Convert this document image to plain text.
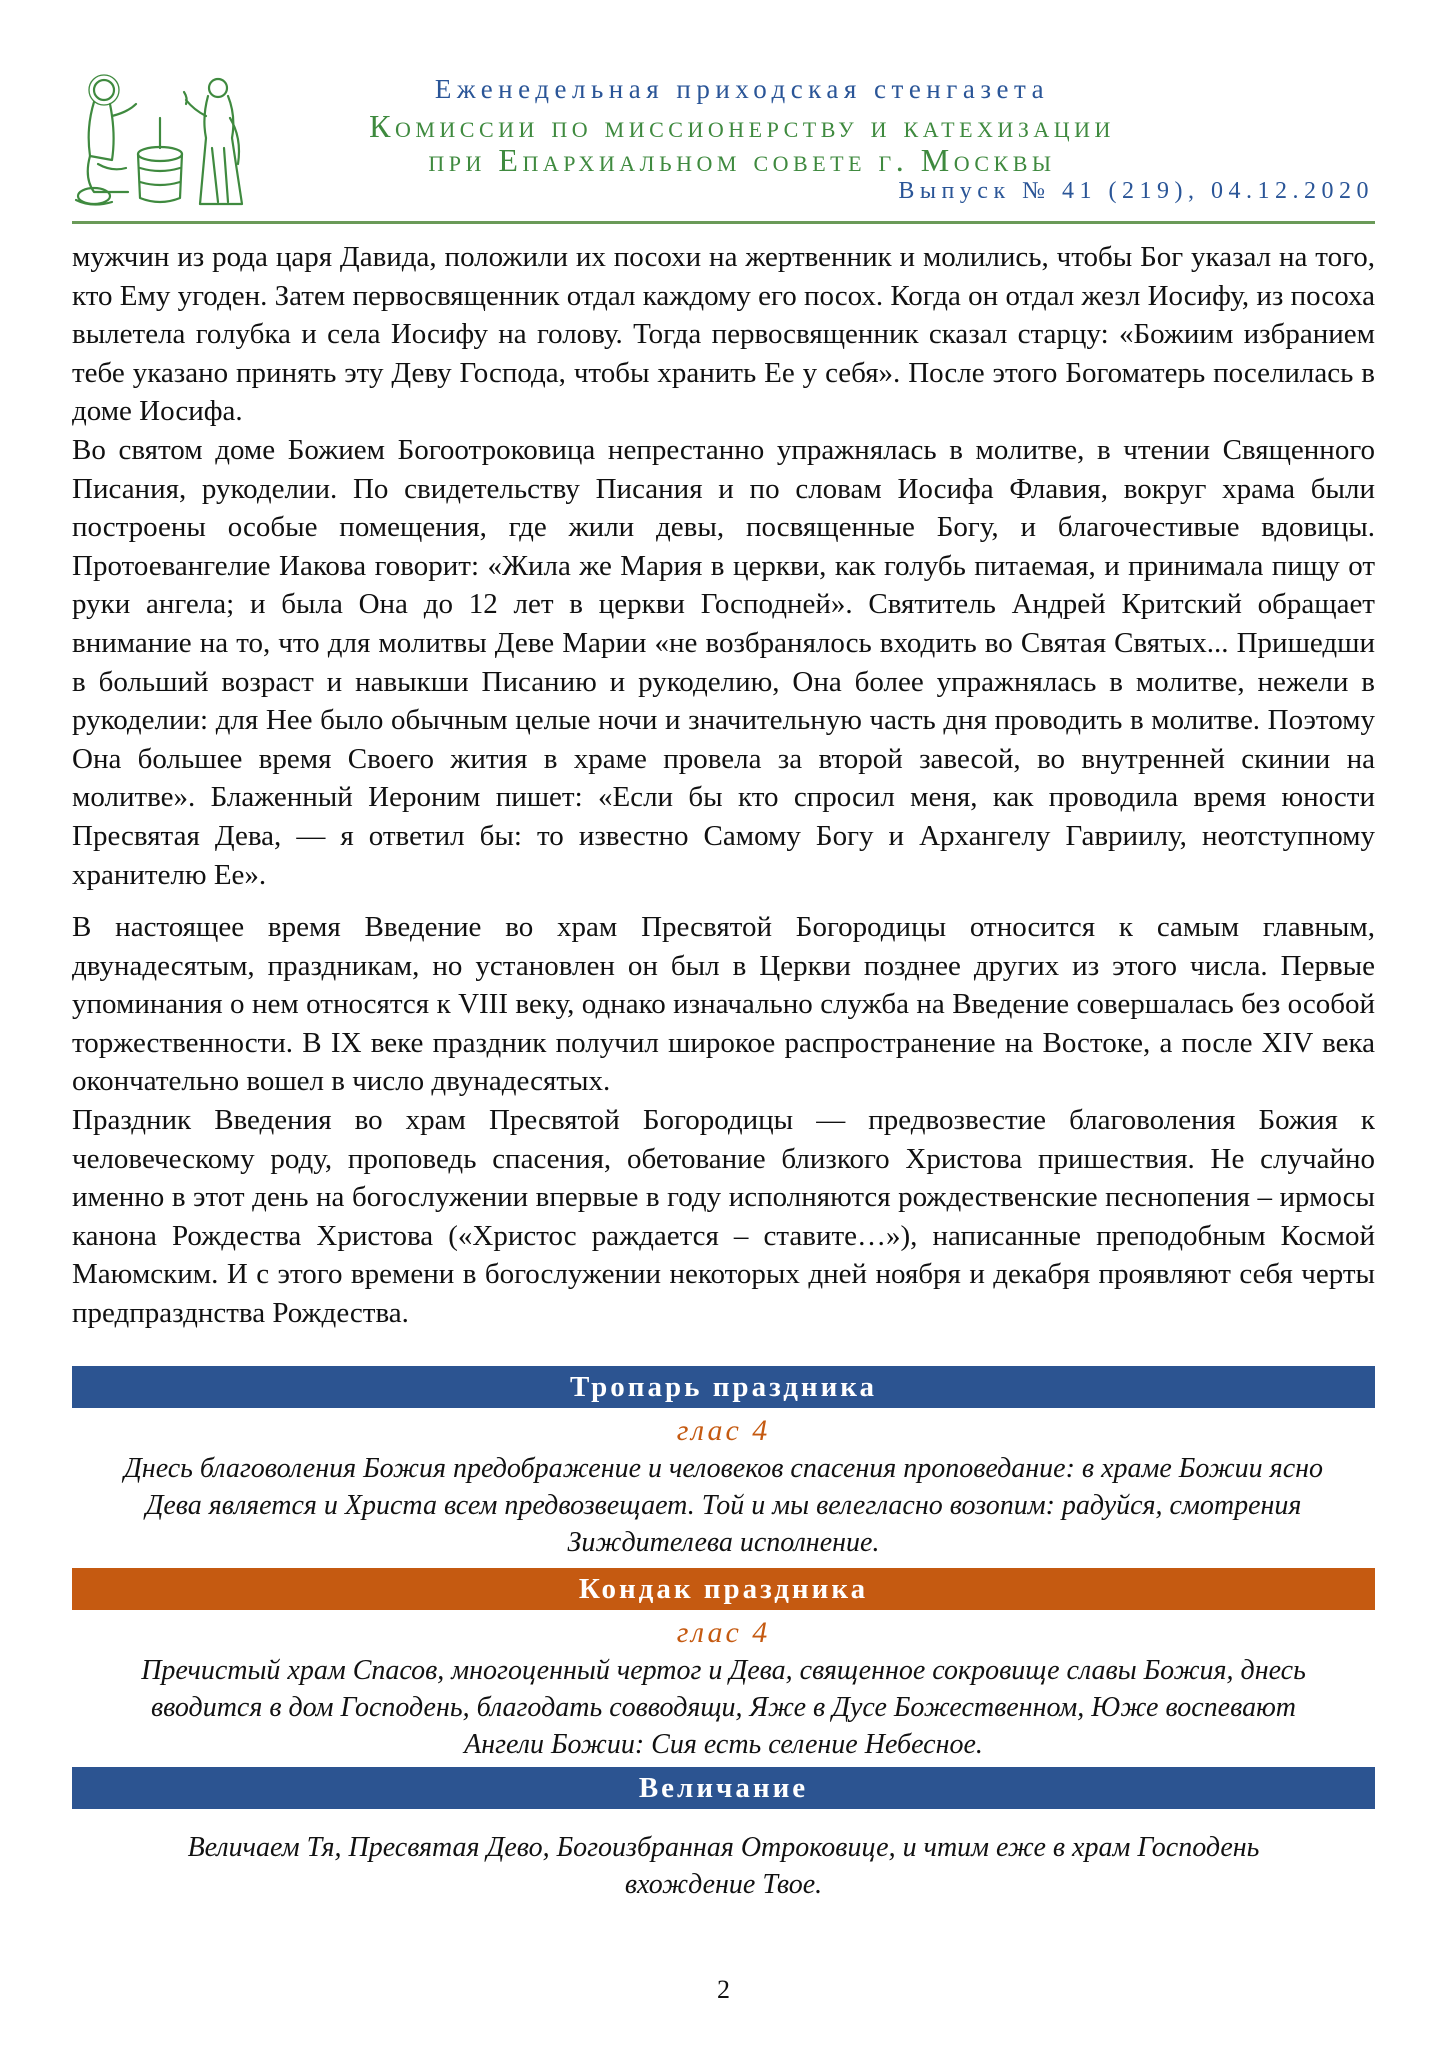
Еженедельная приходская стенгазета
Комиссии по миссионерству и катехизации
при Епархиальном совете г. Москвы
Выпуск № 41 (219), 04.12.2020

мужчин из рода царя Давида, положили их посохи на жертвенник и молились, чтобы Бог указал на того, кто Ему угоден. Затем первосвященник отдал каждому его посох. Когда он отдал жезл Иосифу, из посоха вылетела голубка и села Иосифу на голову. Тогда первосвященник сказал старцу: «Божиим избранием тебе указано принять эту Деву Господа, чтобы хранить Ее у себя». После этого Богоматерь поселилась в доме Иосифа.

Во святом доме Божием Богоотроковица непрестанно упражнялась в молитве, в чтении Священного Писания, рукоделии. По свидетельству Писания и по словам Иосифа Флавия, вокруг храма были построены особые помещения, где жили девы, посвященные Богу, и благочестивые вдовицы. Протоевангелие Иакова говорит: «Жила же Мария в церкви, как голубь питаемая, и принимала пищу от руки ангела; и была Она до 12 лет в церкви Господней». Святитель Андрей Критский обращает внимание на то, что для молитвы Деве Марии «не возбранялось входить во Святая Святых... Пришедши в больший возраст и навыкши Писанию и рукоделию, Она более упражнялась в молитве, нежели в рукоделии: для Нее было обычным целые ночи и значительную часть дня проводить в молитве. Поэтому Она большее время Своего жития в храме провела за второй завесой, во внутренней скинии на молитве». Блаженный Иероним пишет: «Если бы кто спросил меня, как проводила время юности Пресвятая Дева, — я ответил бы: то известно Самому Богу и Архангелу Гавриилу, неотступному хранителю Ее».

В настоящее время Введение во храм Пресвятой Богородицы относится к самым главным, двунадесятым, праздникам, но установлен он был в Церкви позднее других из этого числа. Первые упоминания о нем относятся к VIII веку, однако изначально служба на Введение совершалась без особой торжественности. В IX веке праздник получил широкое распространение на Востоке, а после XIV века окончательно вошел в число двунадесятых.

Праздник Введения во храм Пресвятой Богородицы — предвозвестие благоволения Божия к человеческому роду, проповедь спасения, обетование близкого Христова пришествия. Не случайно именно в этот день на богослужении впервые в году исполняются рождественские песнопения – ирмосы канона Рождества Христова («Христос раждается – ставите…»), написанные преподобным Космой Маюмским. И с этого времени в богослужении некоторых дней ноября и декабря проявляют себя черты предпразднства Рождества.

Тропарь праздника
глас 4
Днесь благоволения Божия предображение и человеков спасения проповедание: в храме Божии ясно Дева является и Христа всем предвозвещает. Той и мы велегласно возопим: радуйся, смотрения Зиждителева исполнение.
Кондак праздника
глас 4
Пречистый храм Спасов, многоценный чертог и Дева, священное сокровище славы Божия, днесь вводится в дом Господень, благодать cовводящи, Яже в Дусе Божественном, Юже воспевают Ангели Божии: Сия есть селение Небесное.
Величание
Величаем Тя, Пресвятая Дево, Богоизбранная Отроковице, и чтим еже в храм Господень вхождение Твое.
2
